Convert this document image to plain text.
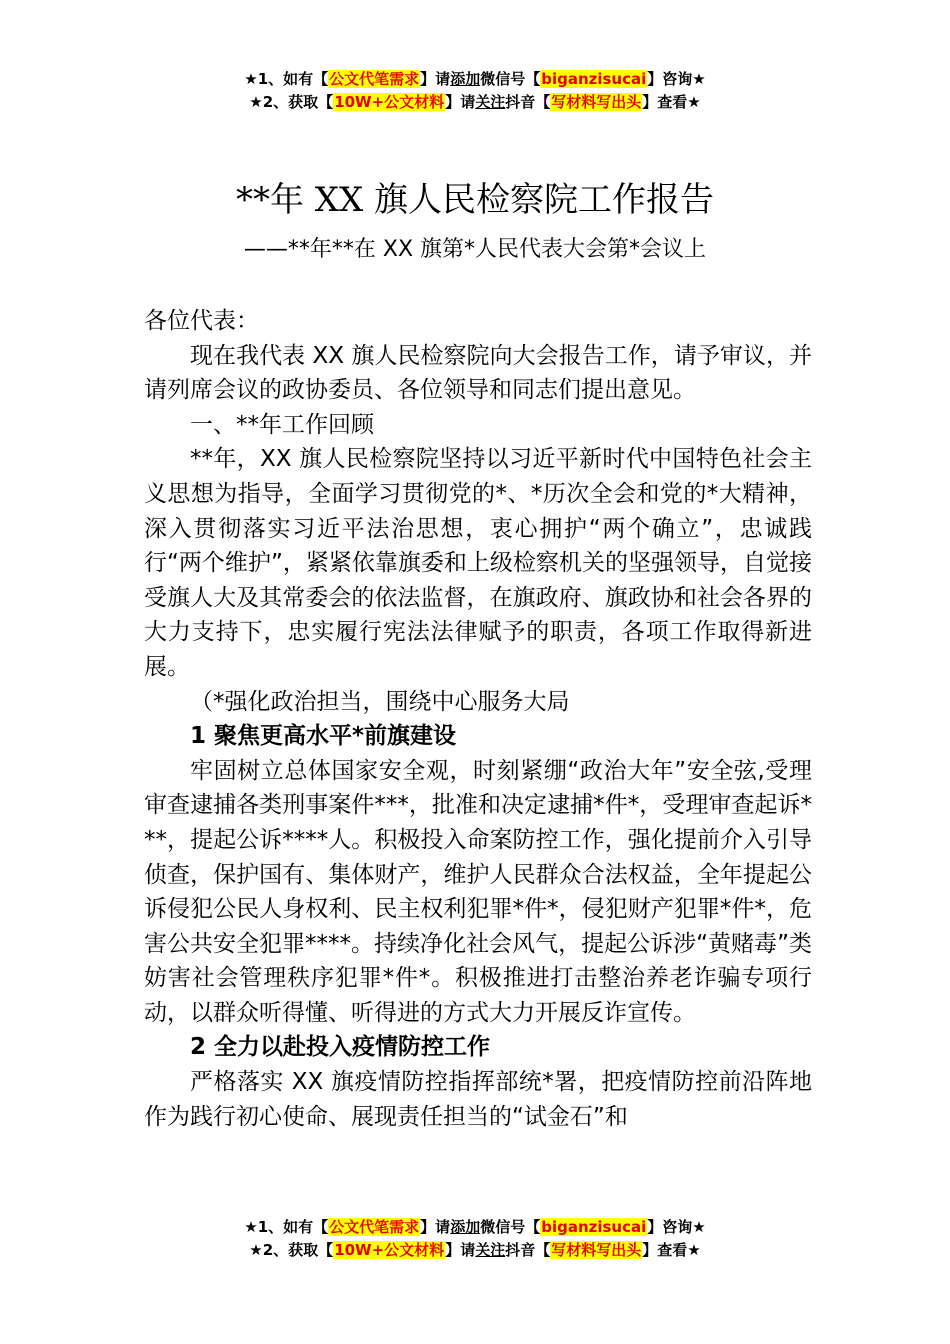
★1、如有【公文代笔需求】请添加微信号【biganzisucai】咨询★
★2、获取【10W+公文材料】请关注抖音【写材料写出头】查看★
**年 XX 旗人民检察院工作报告
——**年**在 XX 旗第*人民代表大会第*会议上

各位代表：

现在我代表 XX 旗人民检察院向大会报告工作，请予审议，并请列席会议的政协委员、各位领导和同志们提出意见。

一、**年工作回顾

**年，XX 旗人民检察院坚持以习近平新时代中国特色社会主义思想为指导，全面学习贯彻党的*、*历次全会和党的*大精神，深入贯彻落实习近平法治思想，衷心拥护“两个确立”，忠诚践行“两个维护”，紧紧依靠旗委和上级检察机关的坚强领导，自觉接受旗人大及其常委会的依法监督，在旗政府、旗政协和社会各界的大力支持下，忠实履行宪法法律赋予的职责，各项工作取得新进展。

（*强化政治担当，围绕中心服务大局

1 聚焦更高水平*前旗建设

牢固树立总体国家安全观，时刻紧绷“政治大年”安全弦,受理审查逮捕各类刑事案件***，批准和决定逮捕*件*，受理审查起诉***，提起公诉****人。积极投入命案防控工作，强化提前介入引导侦查，保护国有、集体财产，维护人民群众合法权益，全年提起公诉侵犯公民人身权利、民主权利犯罪*件*，侵犯财产犯罪*件*，危害公共安全犯罪****。持续净化社会风气，提起公诉涉“黄赌毒”类妨害社会管理秩序犯罪*件*。积极推进打击整治养老诈骗专项行动，以群众听得懂、听得进的方式大力开展反诈宣传。

2 全力以赴投入疫情防控工作

严格落实 XX 旗疫情防控指挥部统*署，把疫情防控前沿阵地作为践行初心使命、展现责任担当的“试金石”和

★1、如有【公文代笔需求】请添加微信号【biganzisucai】咨询★
★2、获取【10W+公文材料】请关注抖音【写材料写出头】查看★
